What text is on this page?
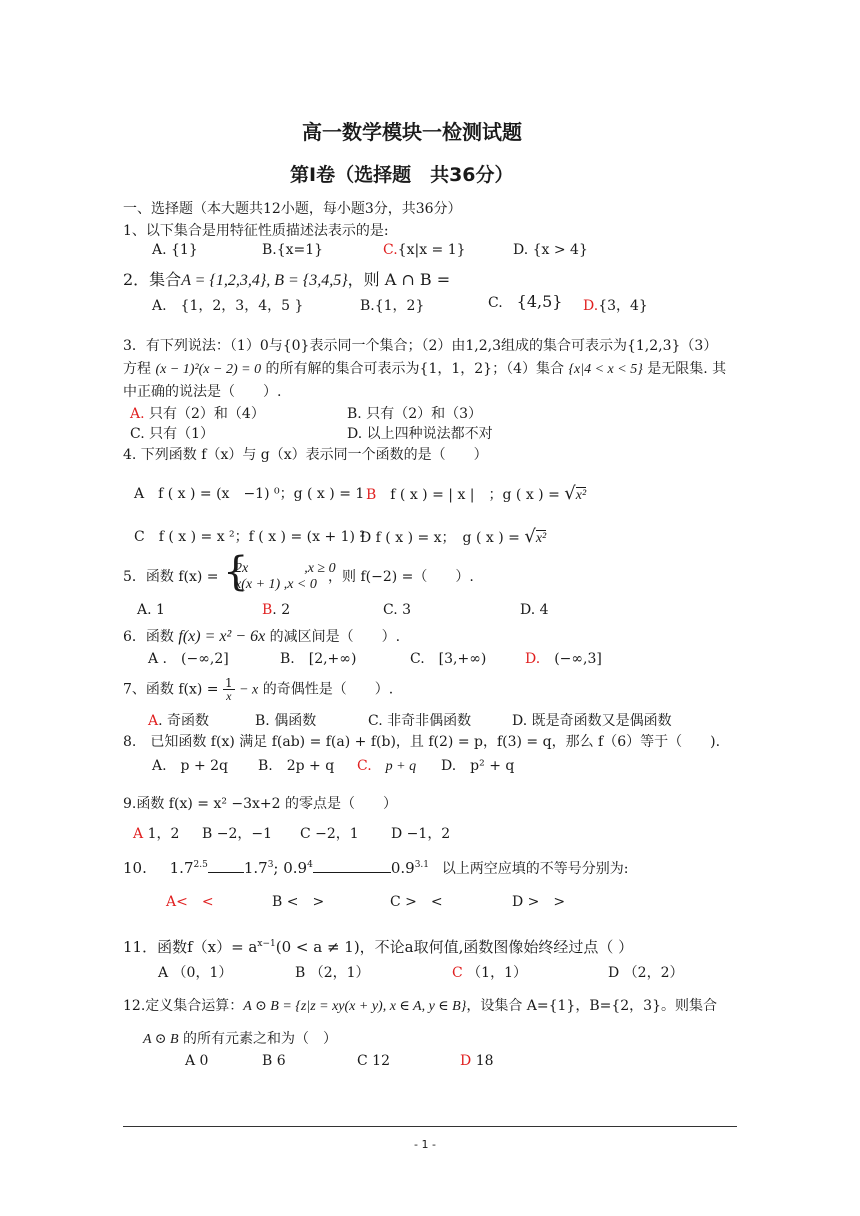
高一数学模块一检测试题
第Ⅰ卷（选择题　共36分）
一、选择题（本大题共12小题，每小题3分，共36分）
1、以下集合是用特征性质描述法表示的是:
A. {1}	B.{x=1}	C.{x|x = 1}	D. {x > 4}
2．集合A = {1,2,3,4}, B = {3,4,5}，则 A ∩ B =
A.　{1，2，3，4，5 }	B.{1，2}	C.　 {4,5} D.{3，4}
3．有下列说法：（1）0与{0}表示同一个集合；（2）由1,2,3组成的集合可表示为{1,2,3}（3）
方程 (x − 1)²(x − 2) = 0 的所有解的集合可表示为{1，1，2}；（4）集合 {x|4 < x < 5} 是无限集. 其
中正确的说法是（　　）.
A. 只有（2）和（4）	B. 只有（2）和（3）
C. 只有（1）	D. 以上四种说法都不对
4. 下列函数 f（x）与 g（x）表示同一个函数的是（　　）
A　f ( x ) = (x　−1) ⁰；g ( x ) = 1 B　 f ( x ) = | x |　；g ( x ) = √x²
C　f ( x ) = x ²；f ( x ) = (x + 1) ²
D f ( x ) = x；　g ( x ) = √x²
5．函数 f(x) = {
2x　　　　,x ≥ 0
x(x + 1) ,x < 0 ，则 f(−2) =（　　）.
A. 1	B. 2	C. 3	D. 4
6．函数 f(x) = x² − 6x 的减区间是（　　）.
A .　(−∞,2]	B.　[2,+∞)	C.　[3,+∞)	D.　 (−∞,3]
7、函数 $f(x) = \frac{1}{x} - x$ 的奇偶性是（　　）.
A. 奇函数	B. 偶函数	C. 非奇非偶函数	D. 既是奇函数又是偶函数
8.　已知函数 f(x) 满足 f(ab) = f(a) + f(b)，且 f(2) = p，f(3) = q，那么 f（6）等于（　　).
A.　p + 2q B.　2p + q C.　 p + q D.　p² + q
9.函数 f(x) = x² −3x+2 的零点是（　　）
A 1，2 B −2，−1 C −2，1 D −1，2
10. $1.7^{2.5}$ $1.7^3$; $0.9^4$	$0.9^{3.1}$ 以上两空应填的不等号分别为:
A<　<	B <　>	C >　<	D >　>
11．函数$f(x)= a^{x-1}(0 < a \ne 1)$，不论a取何值,函数图像始终经过点（ ）
A （0，1）	B （2，1）	C （1，1）	D （2，2）
12.定义集合运算：A ⊙ B = {z|z = xy(x + y), x ∈ A, y ∈ B}，设集合 A={1}，B={2，3}。则集合
A ⊙ B 的所有元素之和为（　）
A 0	B 6	C 12	D 18
- 1 -
